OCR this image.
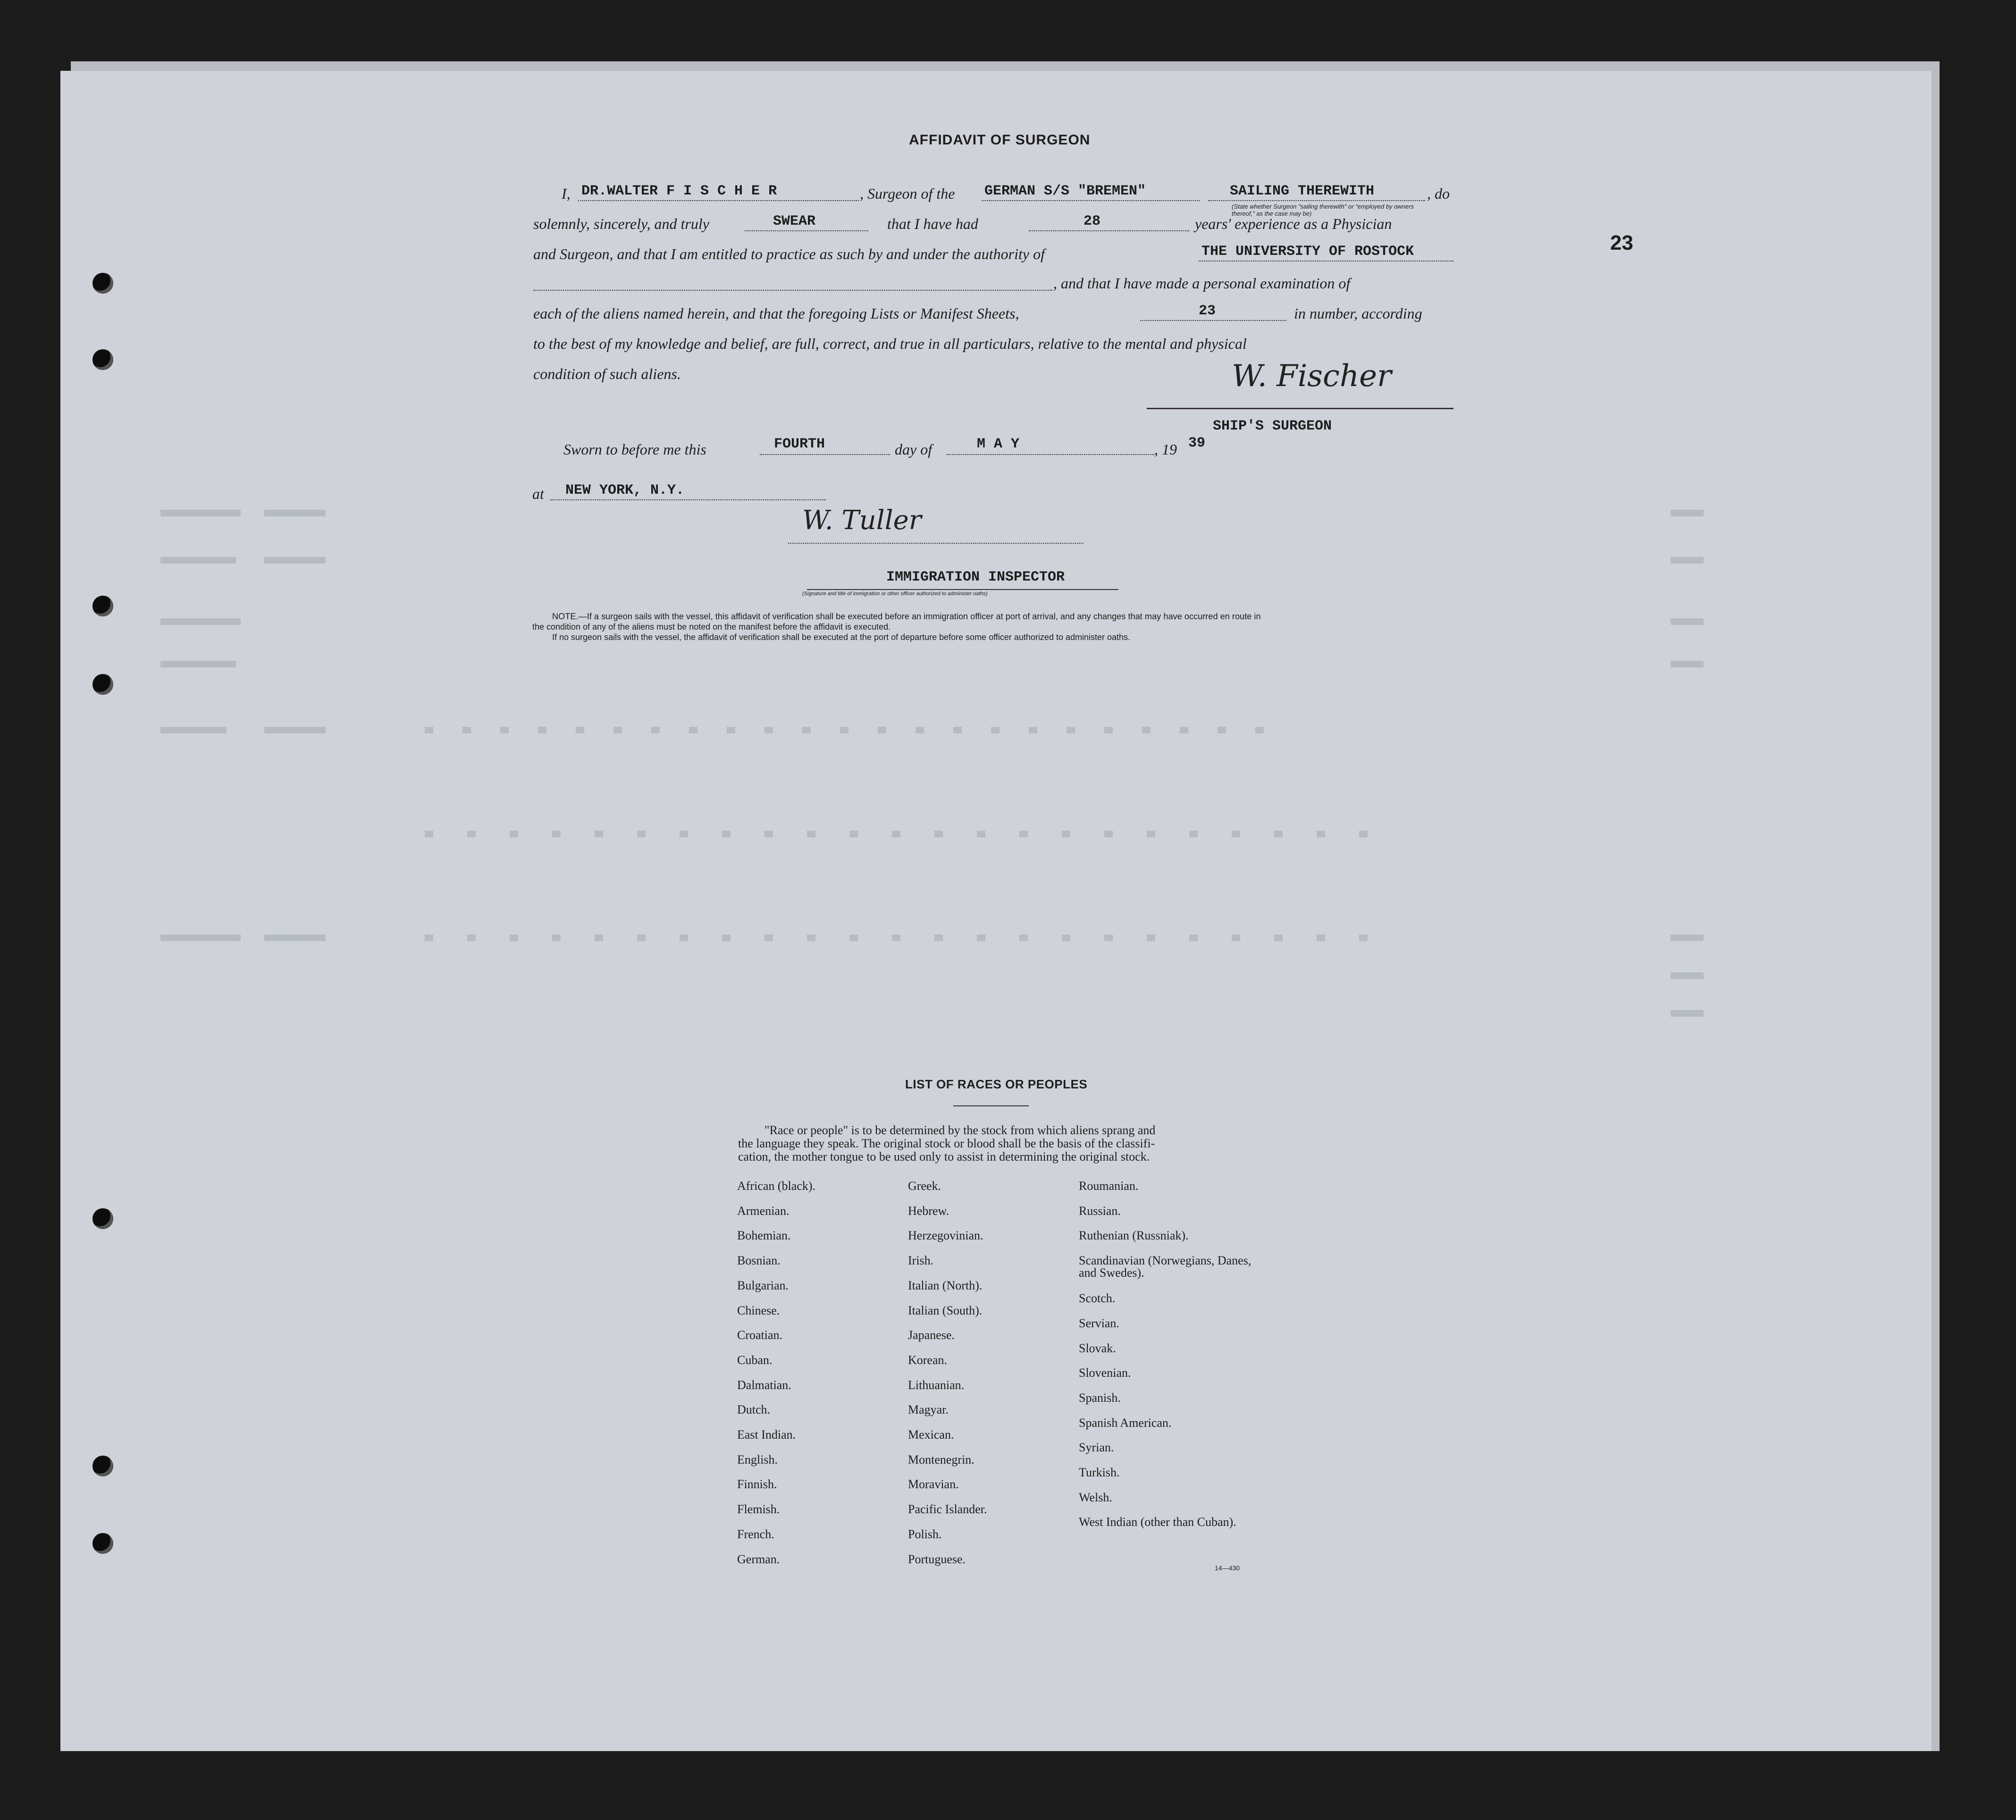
23
AFFIDAVIT OF SURGEON
I, DR.WALTER F I S C H E R	, Surgeon of the GERMAN S/S "BREMEN"	SAILING THEREWITH	, do
(State whether Surgeon "sailing therewith" or "employed by owners thereof," as the case may be)
solemnly, sincerely, and truly	SWEAR	that I have had	28	years' experience as a Physician
and Surgeon, and that I am entitled to practice as such by and under the authority of	THE UNIVERSITY OF ROSTOCK
, and that I have made a personal examination of
each of the aliens named herein, and that the foregoing Lists or Manifest Sheets,	23	in number, according
to the best of my knowledge and belief, are full, correct, and true in all particulars, relative to the mental and physical
condition of such aliens.	W. Fischer
SHIP'S SURGEON
Sworn to before me this	FOURTH	day of	M A Y	, 19 39
at NEW YORK, N.Y.
W. Tuller
IMMIGRATION INSPECTOR
(Signature and title of immigration or other officer authorized to administer oaths)
NOTE.—If a surgeon sails with the vessel, this affidavit of verification shall be executed before an immigration officer at port of arrival, and any changes that may have occurred en route in
the condition of any of the aliens must be noted on the manifest before the affidavit is executed.
If no surgeon sails with the vessel, the affidavit of verification shall be executed at the port of departure before some officer authorized to administer oaths.
LIST OF RACES OR PEOPLES
"Race or people" is to be determined by the stock from which aliens sprang and
the language they speak. The original stock or blood shall be the basis of the classifi-
cation, the mother tongue to be used only to assist in determining the original stock.
African (black).
Armenian.
Bohemian.
Bosnian.
Bulgarian.
Chinese.
Croatian.
Cuban.
Dalmatian.
Dutch.
East Indian.
English.
Finnish.
Flemish.
French.
German.
Greek.
Hebrew.
Herzegovinian.
Irish.
Italian (North).
Italian (South).
Japanese.
Korean.
Lithuanian.
Magyar.
Mexican.
Montenegrin.
Moravian.
Pacific Islander.
Polish.
Portuguese.
Roumanian.
Russian.
Ruthenian (Russniak).
Scandinavian (Norwegians, Danes, and Swedes).
Scotch.
Servian.
Slovak.
Slovenian.
Spanish.
Spanish American.
Syrian.
Turkish.
Welsh.
West Indian (other than Cuban).
14—430
